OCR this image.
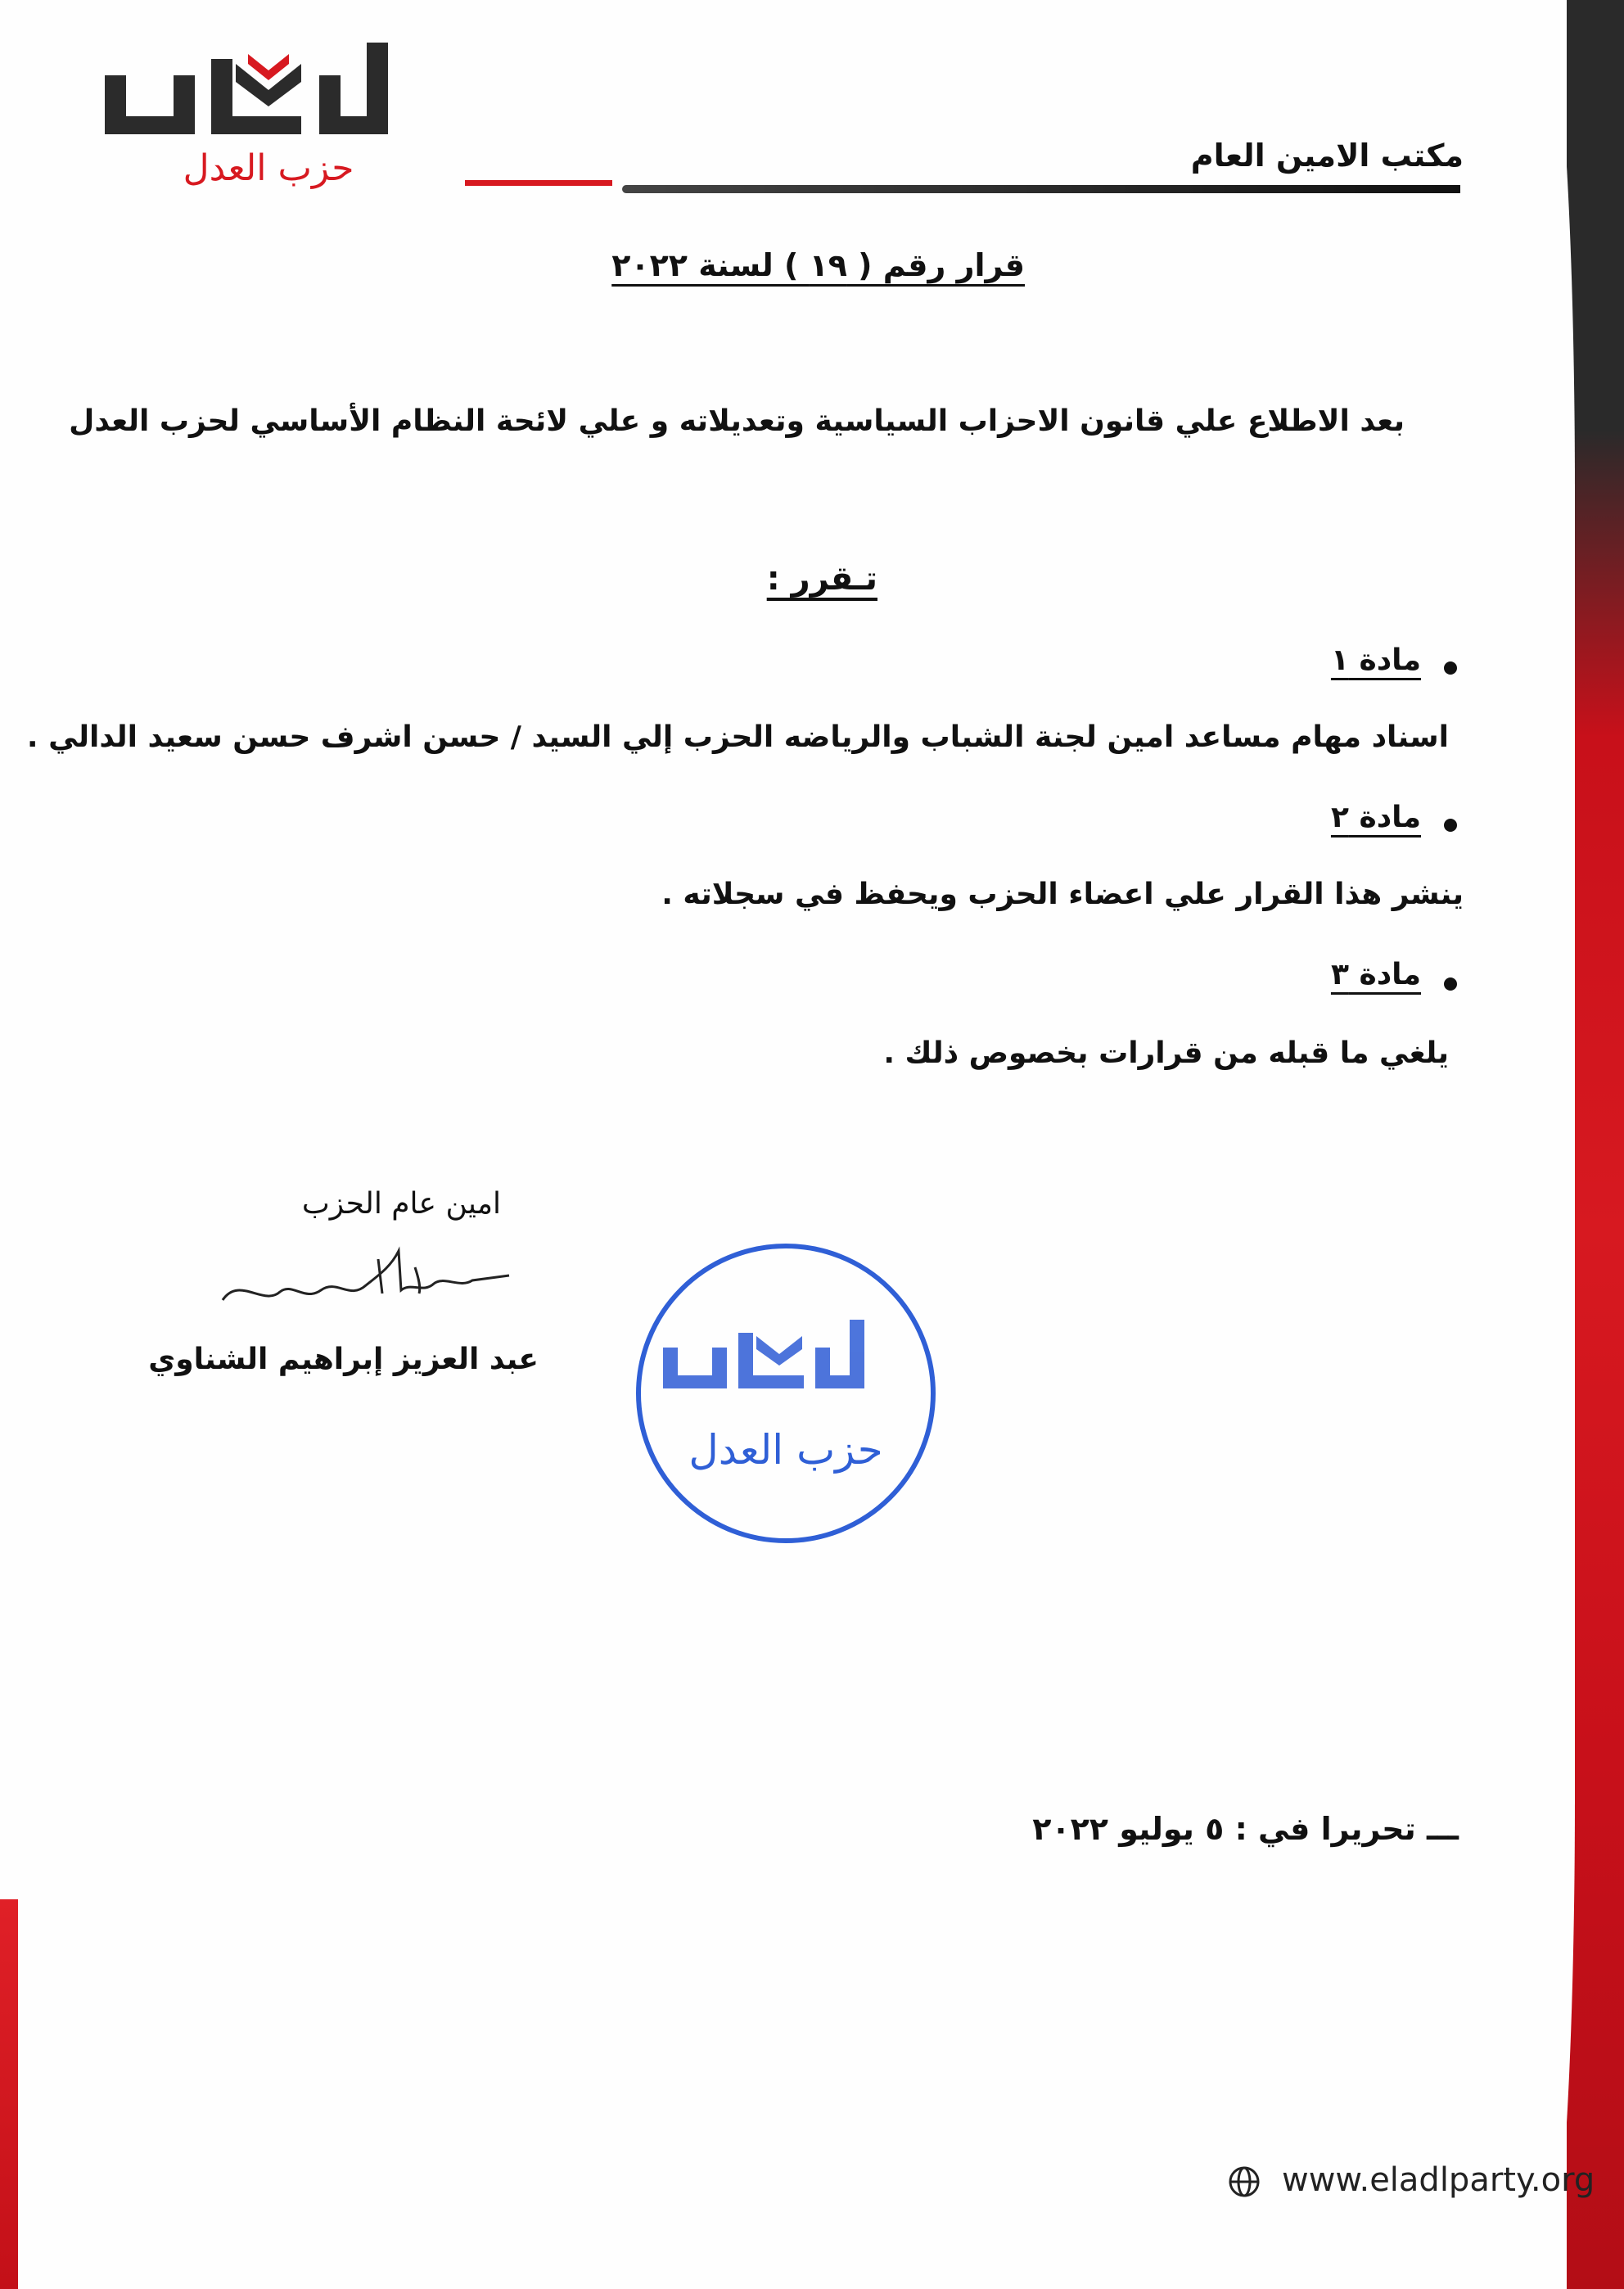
حزب العدل	مكتب الامين العام
قرار رقم ( ١٩ ) لسنة ٢٠٢٢
بعد الاطلاع علي قانون الاحزاب السياسية وتعديلاته و علي لائحة النظام الأساسي لحزب العدل
تـقرر :
مادة ١
اسناد مهام مساعد امين لجنة الشباب والرياضه الحزب إلي السيد / حسن اشرف حسن سعيد الدالي .
مادة ٢
ينشر هذا القرار علي اعضاء الحزب ويحفظ في سجلاته .
مادة ٣
يلغي ما قبله من قرارات بخصوص ذلك .
امين عام الحزب
عبد العزيز إبراهيم الشناوي
حزب العدل
ـــ تحريرا في : ٥ يوليو ٢٠٢٢
www.eladlparty.org
